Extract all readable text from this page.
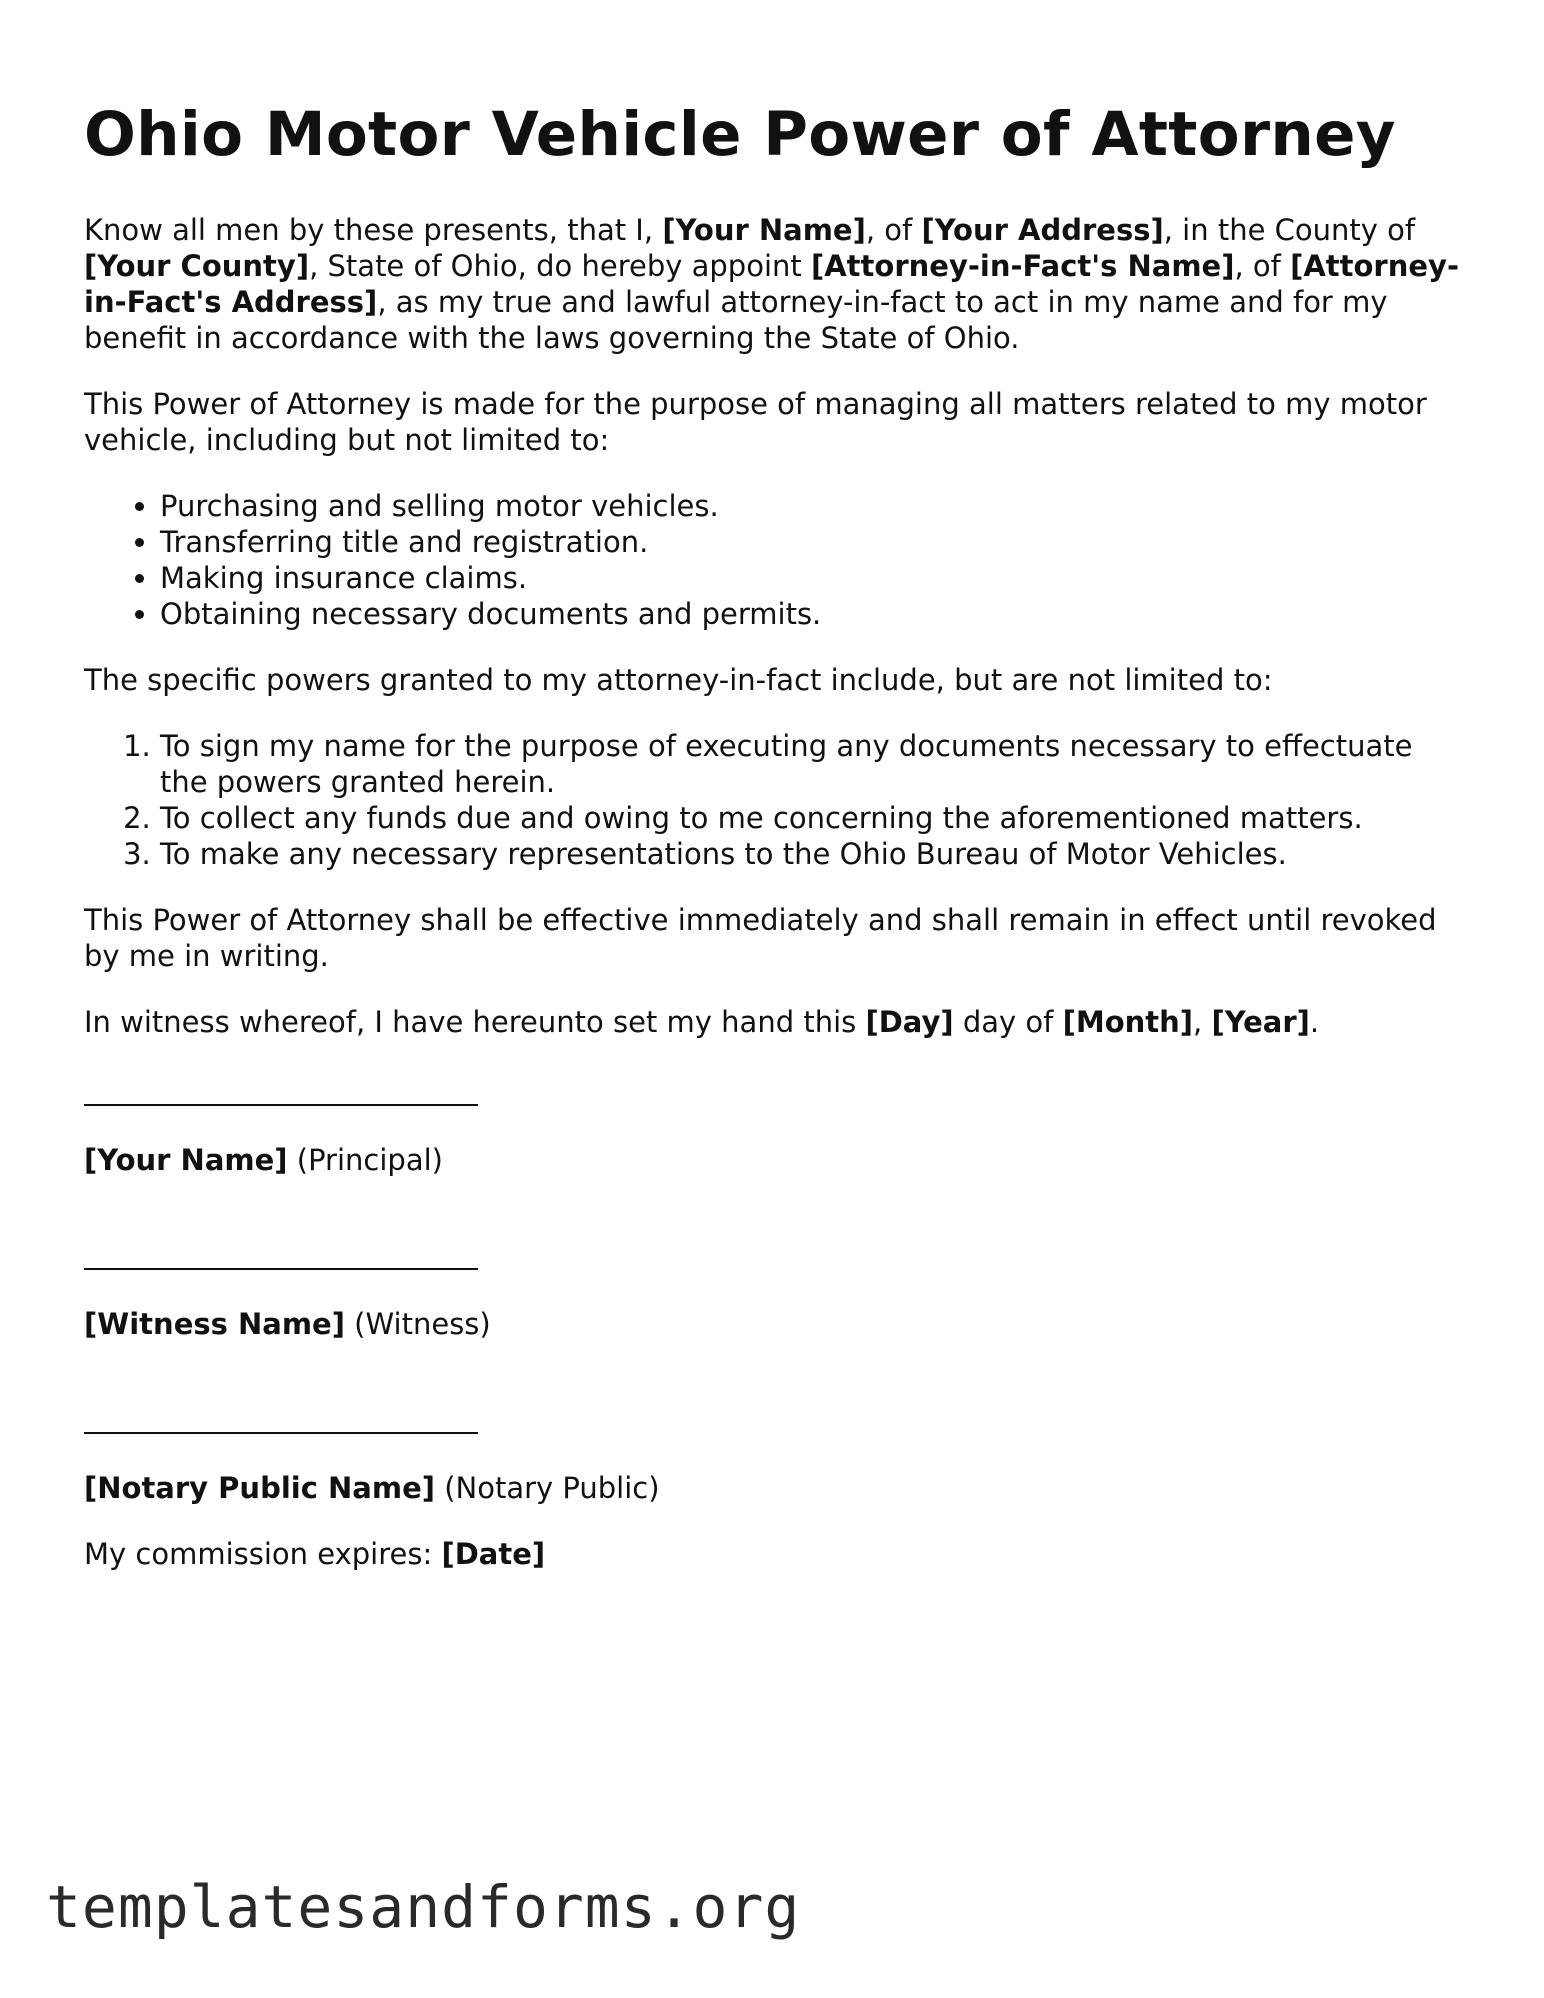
Ohio Motor Vehicle Power of Attorney

Know all men by these presents, that I, [Your Name], of [Your Address], in the County of [Your County], State of Ohio, do hereby appoint [Attorney-in-Fact's Name], of [Attorney-in-Fact's Address], as my true and lawful attorney-in-fact to act in my name and for my benefit in accordance with the laws governing the State of Ohio.

This Power of Attorney is made for the purpose of managing all matters related to my motor vehicle, including but not limited to:

• Purchasing and selling motor vehicles.
• Transferring title and registration.
• Making insurance claims.
• Obtaining necessary documents and permits.

The specific powers granted to my attorney-in-fact include, but are not limited to:

1. To sign my name for the purpose of executing any documents necessary to effectuate the powers granted herein.
2. To collect any funds due and owing to me concerning the aforementioned matters.
3. To make any necessary representations to the Ohio Bureau of Motor Vehicles.

This Power of Attorney shall be effective immediately and shall remain in effect until revoked by me in writing.

In witness whereof, I have hereunto set my hand this [Day] day of [Month], [Year].

[Your Name] (Principal)
[Witness Name] (Witness)
[Notary Public Name] (Notary Public)

My commission expires: [Date]

templatesandforms.org
